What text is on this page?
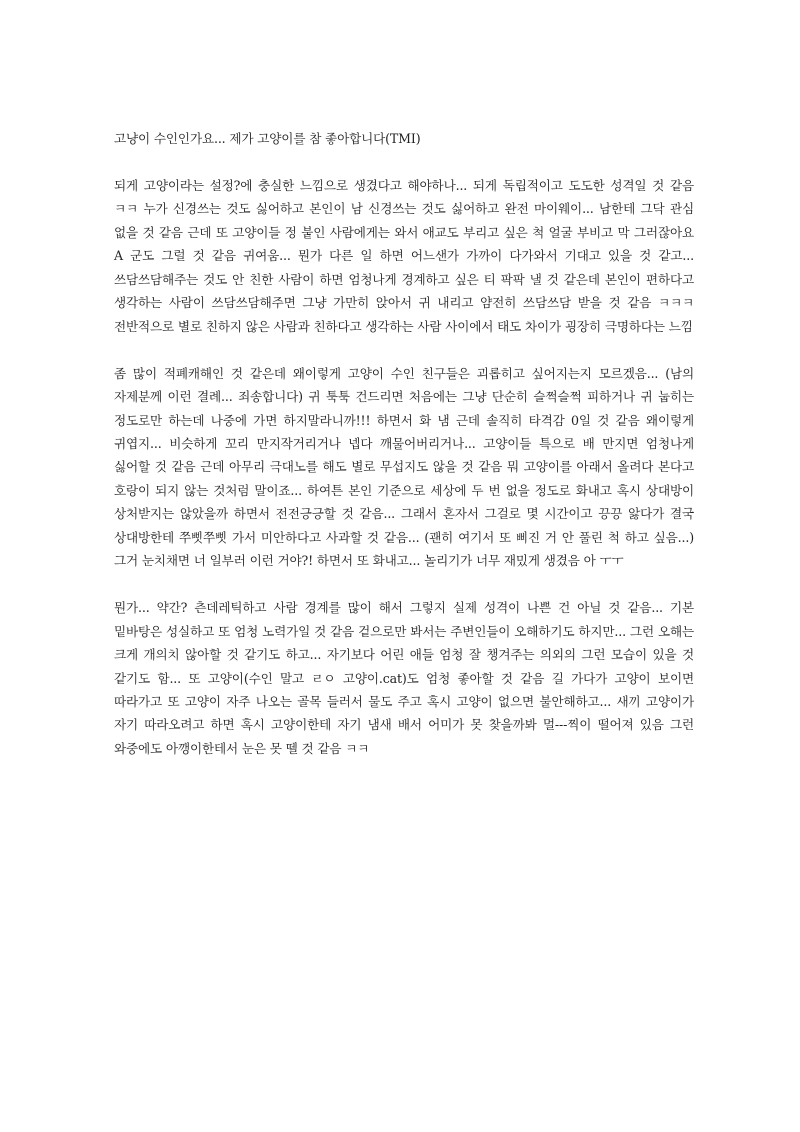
고냥이 수인인가요... 제가 고양이를 참 좋아합니다(TMI)

되게 고양이라는 설정?에 충실한 느낌으로 생겼다고 해야하나... 되게 독립적이고 도도한 성격일 것 같음 ㅋㅋ 누가 신경쓰는 것도 싫어하고 본인이 남 신경쓰는 것도 싫어하고 완전 마이웨이... 남한테 그닥 관심 없을 것 같음 근데 또 고양이들 정 붙인 사람에게는 와서 애교도 부리고 싶은 척 얼굴 부비고 막 그러잖아요 A 군도 그럴 것 같음 귀여움... 뭔가 다른 일 하면 어느샌가 가까이 다가와서 기대고 있을 것 같고... 쓰담쓰담해주는 것도 안 친한 사람이 하면 엄청나게 경계하고 싶은 티 팍팍 낼 것 같은데 본인이 편하다고 생각하는 사람이 쓰담쓰담해주면 그냥 가만히 앉아서 귀 내리고 얌전히 쓰담쓰담 받을 것 같음 ㅋㅋㅋ 전반적으로 별로 친하지 않은 사람과 친하다고 생각하는 사람 사이에서 태도 차이가 굉장히 극명하다는 느낌

좀 많이 적폐캐해인 것 같은데 왜이렇게 고양이 수인 친구들은 괴롭히고 싶어지는지 모르겠음... (남의 자제분께 이런 결례... 죄송합니다) 귀 툭툭 건드리면 처음에는 그냥 단순히 슬쩍슬쩍 피하거나 귀 눕히는 정도로만 하는데 나중에 가면 하지말라니까!!! 하면서 화 냄 근데 솔직히 타격감 0일 것 같음 왜이렇게 귀엽지... 비슷하게 꼬리 만지작거리거나 넵다 깨물어버리거나... 고양이들 특으로 배 만지면 엄청나게 싫어할 것 같음 근데 아무리 극대노를 해도 별로 무섭지도 않을 것 같음 뭐 고양이를 아래서 올려다 본다고 호랑이 되지 않는 것처럼 말이죠... 하여튼 본인 기준으로 세상에 두 번 없을 정도로 화내고 혹시 상대방이 상처받지는 않았을까 하면서 전전긍긍할 것 같음... 그래서 혼자서 그걸로 몇 시간이고 끙끙 앓다가 결국 상대방한테 쭈삣쭈삣 가서 미안하다고 사과할 것 같음... (괜히 여기서 또 삐진 거 안 풀린 척 하고 싶음...) 그거 눈치채면 너 일부러 이런 거야?! 하면서 또 화내고... 놀리기가 너무 재밌게 생겼음 아 ㅜㅜ

뭔가... 약간? 츤데레틱하고 사람 경계를 많이 해서 그렇지 실제 성격이 나쁜 건 아닐 것 같음... 기본 밑바탕은 성실하고 또 엄청 노력가일 것 같음 겉으로만 봐서는 주변인들이 오해하기도 하지만... 그런 오해는 크게 개의치 않아할 것 같기도 하고... 자기보다 어린 애들 엄청 잘 챙겨주는 의외의 그런 모습이 있을 것 같기도 함... 또 고양이(수인 말고 ㄹㅇ 고양이.cat)도 엄청 좋아할 것 같음 길 가다가 고양이 보이면 따라가고 또 고양이 자주 나오는 골목 들러서 물도 주고 혹시 고양이 없으면 불안해하고... 새끼 고양이가 자기 따라오려고 하면 혹시 고양이한테 자기 냄새 배서 어미가 못 찾을까봐 멀---찍이 떨어져 있음 그런 와중에도 아깽이한테서 눈은 못 뗄 것 같음 ㅋㅋ
